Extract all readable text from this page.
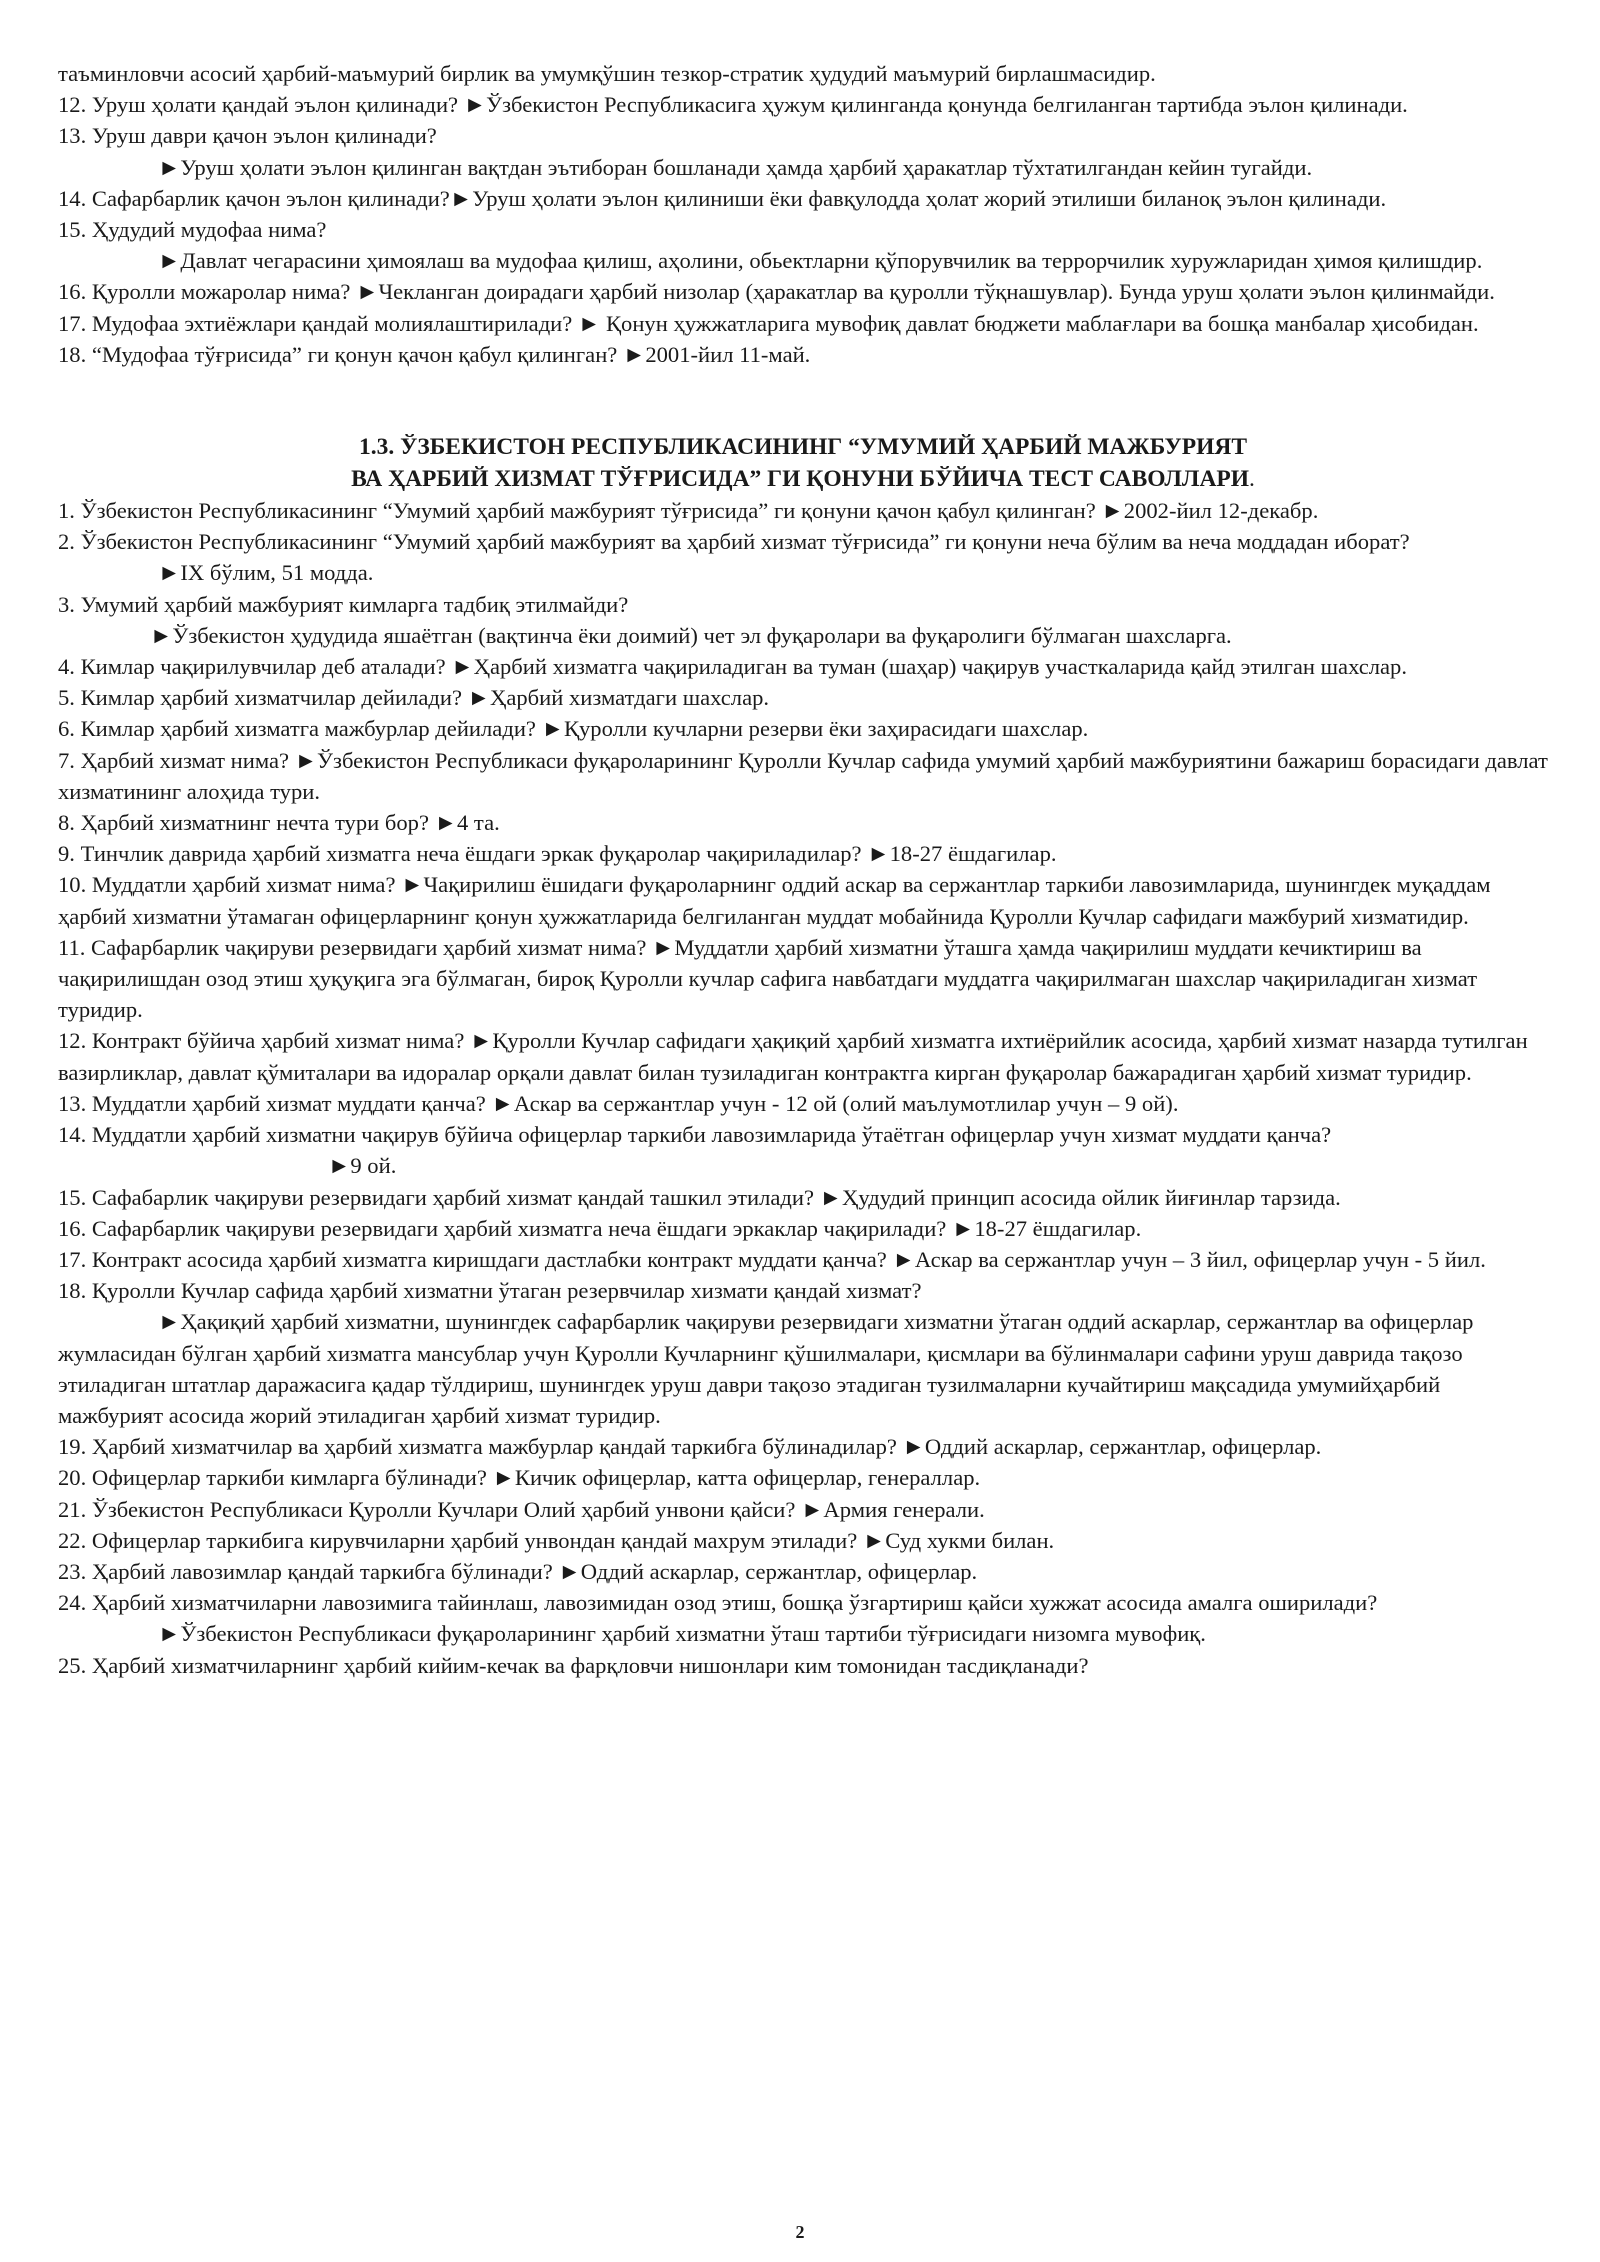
таъминловчи асосий ҳарбий-маъмурий бирлик ва умумқўшин тезкор-стратик ҳудудий маъмурий бирлашмасидир.

12. Уруш ҳолати қандай эълон қилинади? ►Ўзбекистон Республикасига ҳужум қилинганда қонунда белгиланган тартибда эълон қилинади.

13. Уруш даври қачон эълон қилинади?

►Уруш ҳолати эълон қилинган вақтдан эътиборан бошланади ҳамда ҳарбий ҳаракатлар тўхтатилгандан кейин тугайди.

14. Сафарбарлик қачон эълон қилинади?►Уруш ҳолати эълон қилиниши ёки фавқулодда ҳолат жорий этилиши биланоқ эълон қилинади.

15. Ҳудудий мудофаа нима?

►Давлат чегарасини ҳимоялаш ва мудофаа қилиш, аҳолини, обьектларни қўпорувчилик ва террорчилик хуружларидан ҳимоя қилишдир.

16. Қуролли можаролар нима? ►Чекланган доирадаги ҳарбий низолар (ҳаракатлар ва қуролли тўқнашувлар). Бунда уруш ҳолати эълон қилинмайди.

17. Мудофаа эхтиёжлари қандай молиялаштирилади? ► Қонун ҳужжатларига мувофиқ давлат бюджети маблағлари ва бошқа манбалар ҳисобидан.

18. “Мудофаа тўғрисида” ги қонун қачон қабул қилинган? ►2001-йил 11-май.

1.3. ЎЗБЕКИСТОН РЕСПУБЛИКАСИНИНГ “УМУМИЙ ҲАРБИЙ МАЖБУРИЯТ

ВА ҲАРБИЙ ХИЗМАТ ТЎҒРИСИДА” ГИ ҚОНУНИ БЎЙИЧА ТЕСТ САВОЛЛАРИ.

1. Ўзбекистон Республикасининг “Умумий ҳарбий мажбурият тўғрисида” ги қонуни қачон қабул қилинган? ►2002-йил 12-декабр.

2. Ўзбекистон Республикасининг “Умумий ҳарбий мажбурият ва ҳарбий хизмат тўғрисида” ги қонуни неча бўлим ва неча моддадан иборат?

►IX бўлим, 51 модда.

3. Умумий ҳарбий мажбурият кимларга тадбиқ этилмайди?

►Ўзбекистон ҳудудида яшаётган (вақтинча ёки доимий) чет эл фуқаролари ва фуқаролиги бўлмаган шахсларга.

4. Кимлар чақирилувчилар деб аталади? ►Ҳарбий хизматга чақириладиган ва туман (шаҳар) чақирув участкаларида қайд этилган шахслар.

5. Кимлар ҳарбий хизматчилар дейилади? ►Ҳарбий хизматдаги шахслар.

6. Кимлар ҳарбий хизматга мажбурлар дейилади? ►Қуролли кучларни резерви ёки заҳирасидаги шахслар.

7. Ҳарбий хизмат нима? ►Ўзбекистон Республикаси фуқароларининг Қуролли Кучлар сафида умумий ҳарбий мажбуриятини бажариш борасидаги давлат хизматининг алоҳида тури.

8. Ҳарбий хизматнинг нечта тури бор? ►4 та.

9. Тинчлик даврида ҳарбий хизматга неча ёшдаги эркак фуқаролар чақириладилар? ►18-27 ёшдагилар.

10. Муддатли ҳарбий хизмат нима? ►Чақирилиш ёшидаги фуқароларнинг оддий аскар ва сержантлар таркиби лавозимларида, шунингдек муқаддам ҳарбий хизматни ўтамаган офицерларнинг қонун ҳужжатларида белгиланган муддат мобайнида Қуролли Кучлар сафидаги мажбурий хизматидир.

11. Сафарбарлик чақируви резервидаги ҳарбий хизмат нима? ►Муддатли ҳарбий хизматни ўташга ҳамда чақирилиш муддати кечиктириш ва чақирилишдан озод этиш ҳуқуқига эга бўлмаган, бироқ Қуролли кучлар сафига навбатдаги муддатга чақирилмаган шахслар чақириладиган хизмат туридир.

12. Контракт бўйича ҳарбий хизмат нима? ►Қуролли Кучлар сафидаги ҳақиқий ҳарбий хизматга ихтиёрийлик асосида, ҳарбий хизмат назарда тутилган вазирликлар, давлат қўмиталари ва идоралар орқали давлат билан тузиладиган контрактга кирган фуқаролар бажарадиган ҳарбий хизмат туридир.

13. Муддатли ҳарбий хизмат муддати қанча? ►Аскар ва сержантлар учун - 12 ой (олий маълумотлилар учун – 9 ой).

14. Муддатли ҳарбий хизматни чақирув бўйича офицерлар таркиби лавозимларида ўтаётган офицерлар учун хизмат муддати қанча?►9 ой.

15. Сафабарлик чақируви резервидаги ҳарбий хизмат қандай ташкил этилади? ►Ҳудудий принцип асосида ойлик йиғинлар тарзида.

16. Сафарбарлик чақируви резервидаги ҳарбий хизматга неча ёшдаги эркаклар чақирилади? ►18-27 ёшдагилар.

17. Контракт асосида ҳарбий хизматга киришдаги дастлабки контракт муддати қанча? ►Аскар ва сержантлар учун – 3 йил, офицерлар учун - 5 йил.

18. Қуролли Кучлар сафида ҳарбий хизматни ўтаган резервчилар хизмати қандай хизмат?

►Ҳақиқий ҳарбий хизматни, шунингдек сафарбарлик чақируви резервидаги хизматни ўтаган оддий аскарлар, сержантлар ва офицерлар жумласидан бўлган ҳарбий хизматга мансублар учун Қуролли Кучларнинг қўшилмалари, қисмлари ва бўлинмалари сафини уруш даврида тақозо этиладиган штатлар даражасига қадар тўлдириш, шунингдек уруш даври тақозо этадиган тузилмаларни кучайтириш мақсадида умумийҳарбий мажбурият асосида жорий этиладиган ҳарбий хизмат туридир.

19. Ҳарбий хизматчилар ва ҳарбий хизматга мажбурлар қандай таркибга бўлинадилар? ►Оддий аскарлар, сержантлар, офицерлар.

20. Офицерлар таркиби кимларга бўлинади? ►Кичик офицерлар, катта офицерлар, генераллар.

21. Ўзбекистон Республикаси Қуролли Кучлари Олий ҳарбий унвони қайси? ►Армия генерали.

22. Офицерлар таркибига кирувчиларни ҳарбий унвондан қандай махрум этилади? ►Суд хукми билан.

23. Ҳарбий лавозимлар қандай таркибга бўлинади? ►Оддий аскарлар, сержантлар, офицерлар.

24. Ҳарбий хизматчиларни лавозимига тайинлаш, лавозимидан озод этиш, бошқа ўзгартириш қайси хужжат асосида амалга оширилади?

►Ўзбекистон Республикаси фуқароларининг ҳарбий хизматни ўташ тартиби тўғрисидаги низомга мувофиқ.

25. Ҳарбий хизматчиларнинг ҳарбий кийим-кечак ва фарқловчи нишонлари ким томонидан тасдиқланади?

2
